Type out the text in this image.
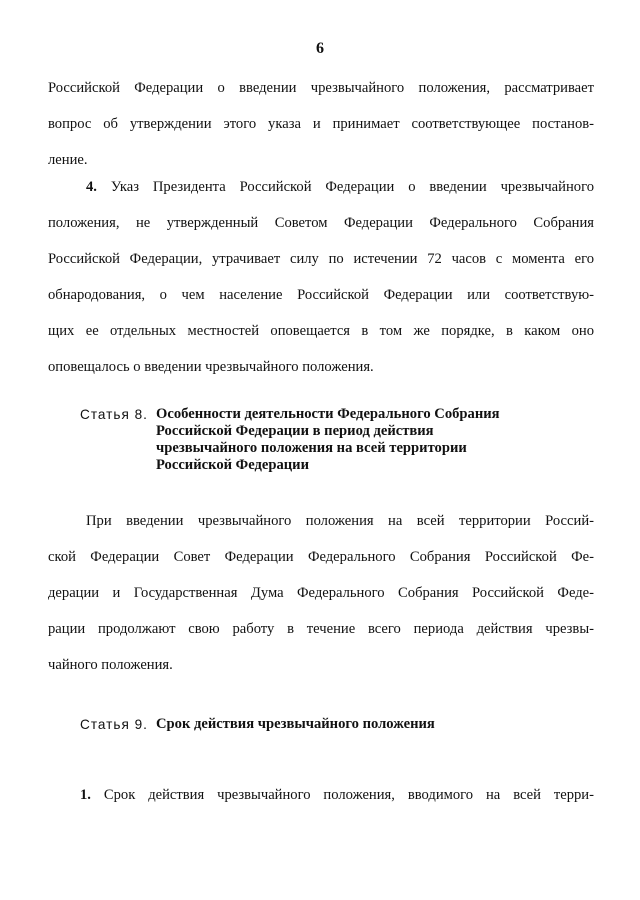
6
Российской Федерации о введении чрезвычайного положения, рассматривает
вопрос об утверждении этого указа и принимает соответствующее постанов-
ление.
4. Указ Президента Российской Федерации о введении чрезвычайного
положения, не утвержденный Советом Федерации Федерального Собрания
Российской Федерации, утрачивает силу по истечении 72 часов с момента его
обнародования, о чем население Российской Федерации или соответствую-
щих ее отдельных местностей оповещается в том же порядке, в каком оно
оповещалось о введении чрезвычайного положения.
Статья 8. Особенности деятельности Федерального Собрания
Российской Федерации в период действия
чрезвычайного положения на всей территории
Российской Федерации
При введении чрезвычайного положения на всей территории Россий-
ской Федерации Совет Федерации Федерального Собрания Российской Фе-
дерации и Государственная Дума Федерального Собрания Российской Феде-
рации продолжают свою работу в течение всего периода действия чрезвы-
чайного положения.
Статья 9. Срок действия чрезвычайного положения
1. Срок действия чрезвычайного положения, вводимого на всей терри-
